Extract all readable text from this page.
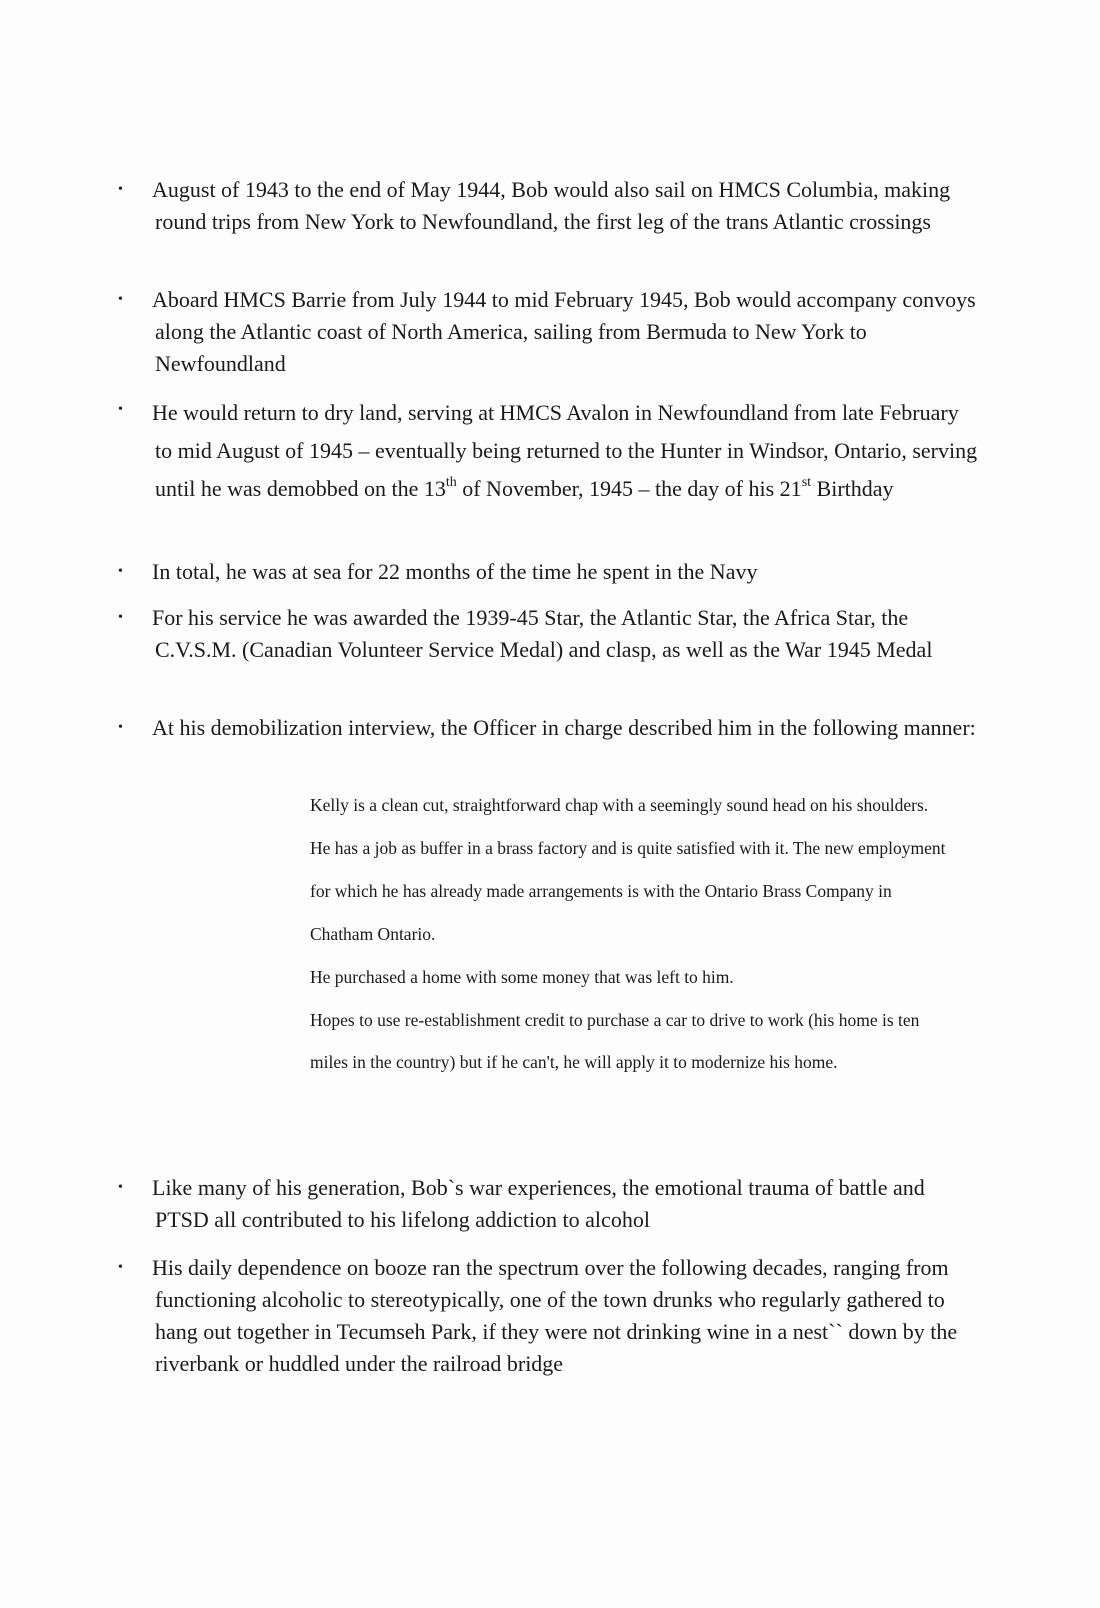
•	August of 1943 to the end of May 1944, Bob would also sail on HMCS Columbia, making round trips from New York to Newfoundland, the first leg of the trans Atlantic crossings
•	Aboard HMCS Barrie from July 1944 to mid February 1945, Bob would accompany convoys along the Atlantic coast of North America, sailing from Bermuda to New York to Newfoundland
•	He would return to dry land, serving at HMCS Avalon in Newfoundland from late February to mid August of 1945 – eventually being returned to the Hunter in Windsor, Ontario, serving until he was demobbed on the 13th of November, 1945 – the day of his 21st Birthday
•	In total, he was at sea for 22 months of the time he spent in the Navy
•	For his service he was awarded the 1939-45 Star, the Atlantic Star, the Africa Star, the C.V.S.M. (Canadian Volunteer Service Medal) and clasp, as well as the War 1945 Medal
•	At his demobilization interview, the Officer in charge described him in the following manner:

Kelly is a clean cut, straightforward chap with a seemingly sound head on his shoulders. He has a job as buffer in a brass factory and is quite satisfied with it. The new employment for which he has already made arrangements is with the Ontario Brass Company in Chatham Ontario.

He purchased a home with some money that was left to him.

Hopes to use re-establishment credit to purchase a car to drive to work (his home is ten miles in the country) but if he can't, he will apply it to modernize his home.

•	Like many of his generation, Bob`s war experiences, the emotional trauma of battle and PTSD all contributed to his lifelong addiction to alcohol
•	His daily dependence on booze ran the spectrum over the following decades, ranging from functioning alcoholic to stereotypically, one of the town drunks who regularly gathered to hang out together in Tecumseh Park, if they were not drinking wine in a nest`` down by the riverbank or huddled under the railroad bridge
